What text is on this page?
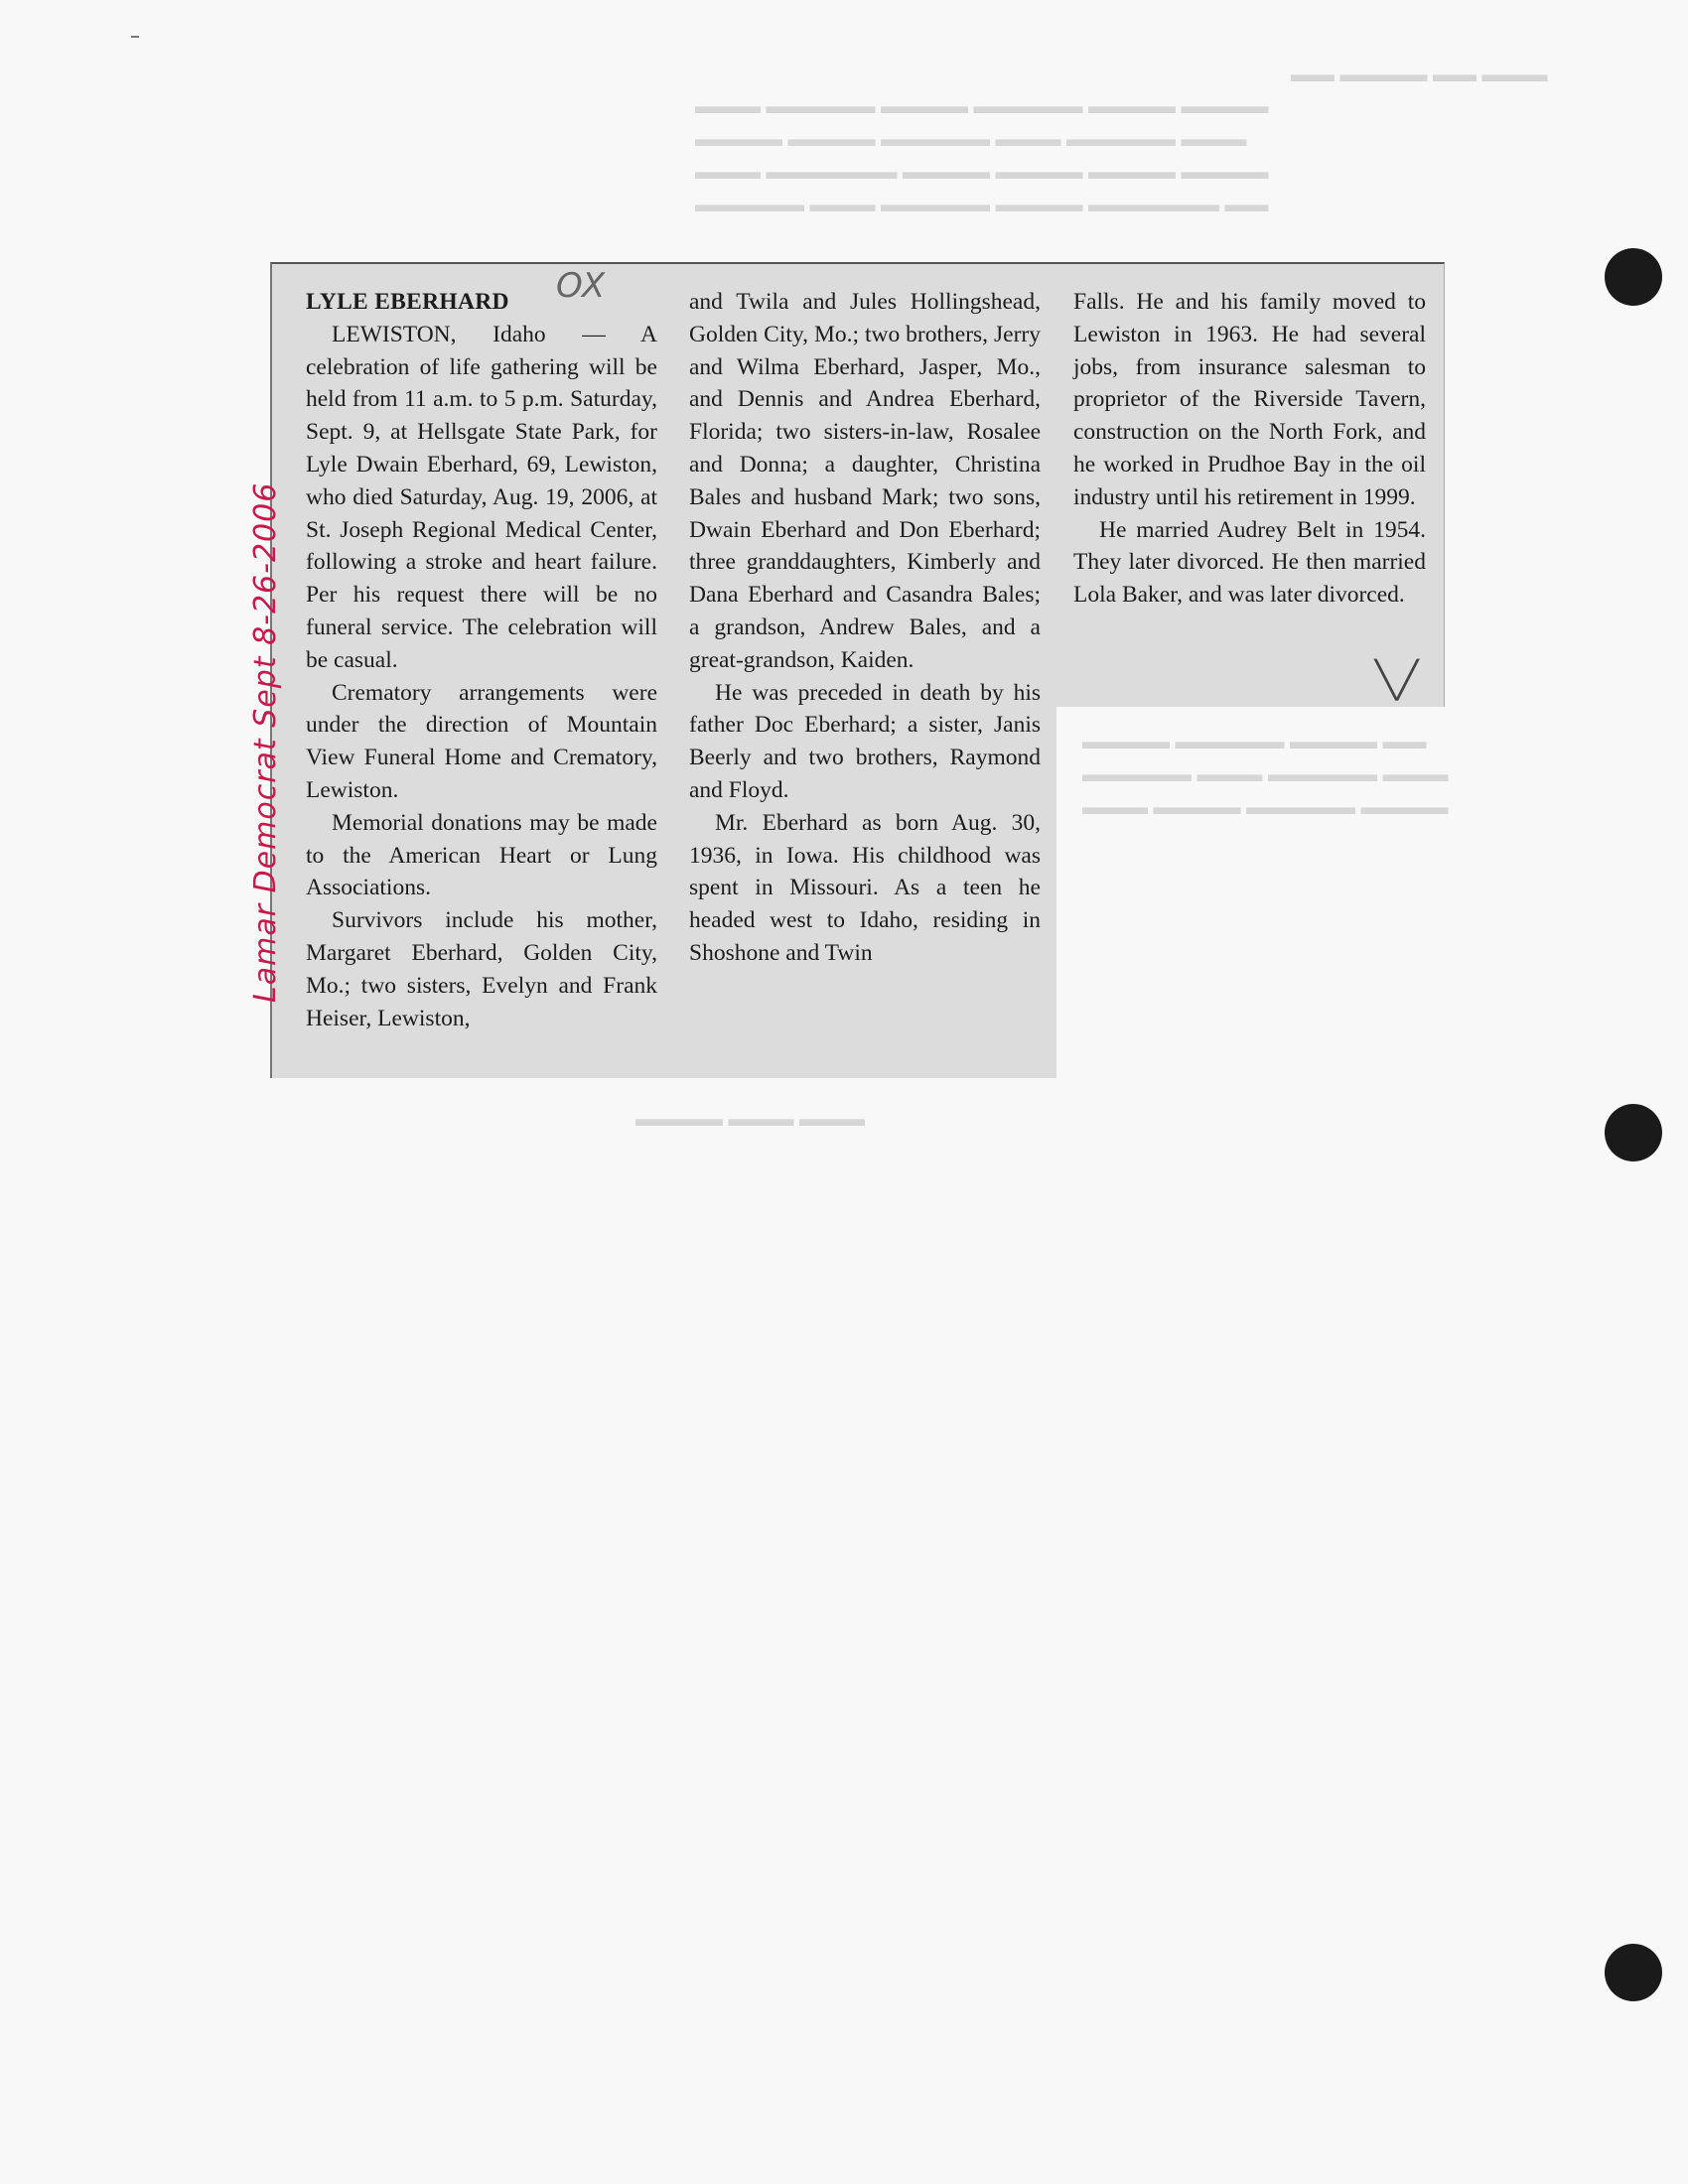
▬▬ ▬▬▬▬ ▬▬ ▬▬▬
▬▬▬ ▬▬▬▬▬ ▬▬▬▬ ▬▬▬▬▬ ▬▬▬▬ ▬▬▬▬
▬▬▬▬ ▬▬▬▬ ▬▬▬▬▬ ▬▬▬ ▬▬▬▬▬ ▬▬▬
▬▬▬ ▬▬▬▬▬▬ ▬▬▬▬ ▬▬▬▬ ▬▬▬▬ ▬▬▬▬
▬▬▬▬▬ ▬▬▬ ▬▬▬▬▬ ▬▬▬▬ ▬▬▬▬▬▬ ▬▬
▬▬▬▬ ▬▬▬▬▬ ▬▬▬▬ ▬▬
▬▬▬▬▬ ▬▬▬ ▬▬▬▬▬ ▬▬▬
▬▬▬ ▬▬▬▬ ▬▬▬▬▬ ▬▬▬▬
▬▬▬▬ ▬▬▬ ▬▬▬
OX
╲╱
Lamar Democrat Sept 8-26-2006
LYLE EBERHARD

LEWISTON, Idaho — A celebration of life gathering will be held from 11 a.m. to 5 p.m. Saturday, Sept. 9, at Hellsgate State Park, for Lyle Dwain Eberhard, 69, Lewiston, who died Saturday, Aug. 19, 2006, at St. Joseph Regional Medical Center, following a stroke and heart failure. Per his request there will be no funeral service. The celebration will be casual.

Crematory arrangements were under the direction of Mountain View Funeral Home and Crematory, Lewiston.

Memorial donations may be made to the American Heart or Lung Associations.

Survivors include his mother, Margaret Eberhard, Golden City, Mo.; two sisters, Evelyn and Frank Heiser, Lewiston,

and Twila and Jules Hollingshead, Golden City, Mo.; two brothers, Jerry and Wilma Eberhard, Jasper, Mo., and Dennis and Andrea Eberhard, Florida; two sisters-in-law, Rosalee and Donna; a daughter, Christina Bales and husband Mark; two sons, Dwain Eberhard and Don Eberhard; three granddaughters, Kimberly and Dana Eberhard and Casandra Bales; a grandson, Andrew Bales, and a great-grandson, Kaiden.

He was preceded in death by his father Doc Eberhard; a sister, Janis Beerly and two brothers, Raymond and Floyd.

Mr. Eberhard as born Aug. 30, 1936, in Iowa. His childhood was spent in Missouri. As a teen he headed west to Idaho, residing in Shoshone and Twin

Falls. He and his family moved to Lewiston in 1963. He had several jobs, from insurance salesman to proprietor of the Riverside Tavern, construction on the North Fork, and he worked in Prudhoe Bay in the oil industry until his retirement in 1999.

He married Audrey Belt in 1954. They later divorced. He then married Lola Baker, and was later divorced.
